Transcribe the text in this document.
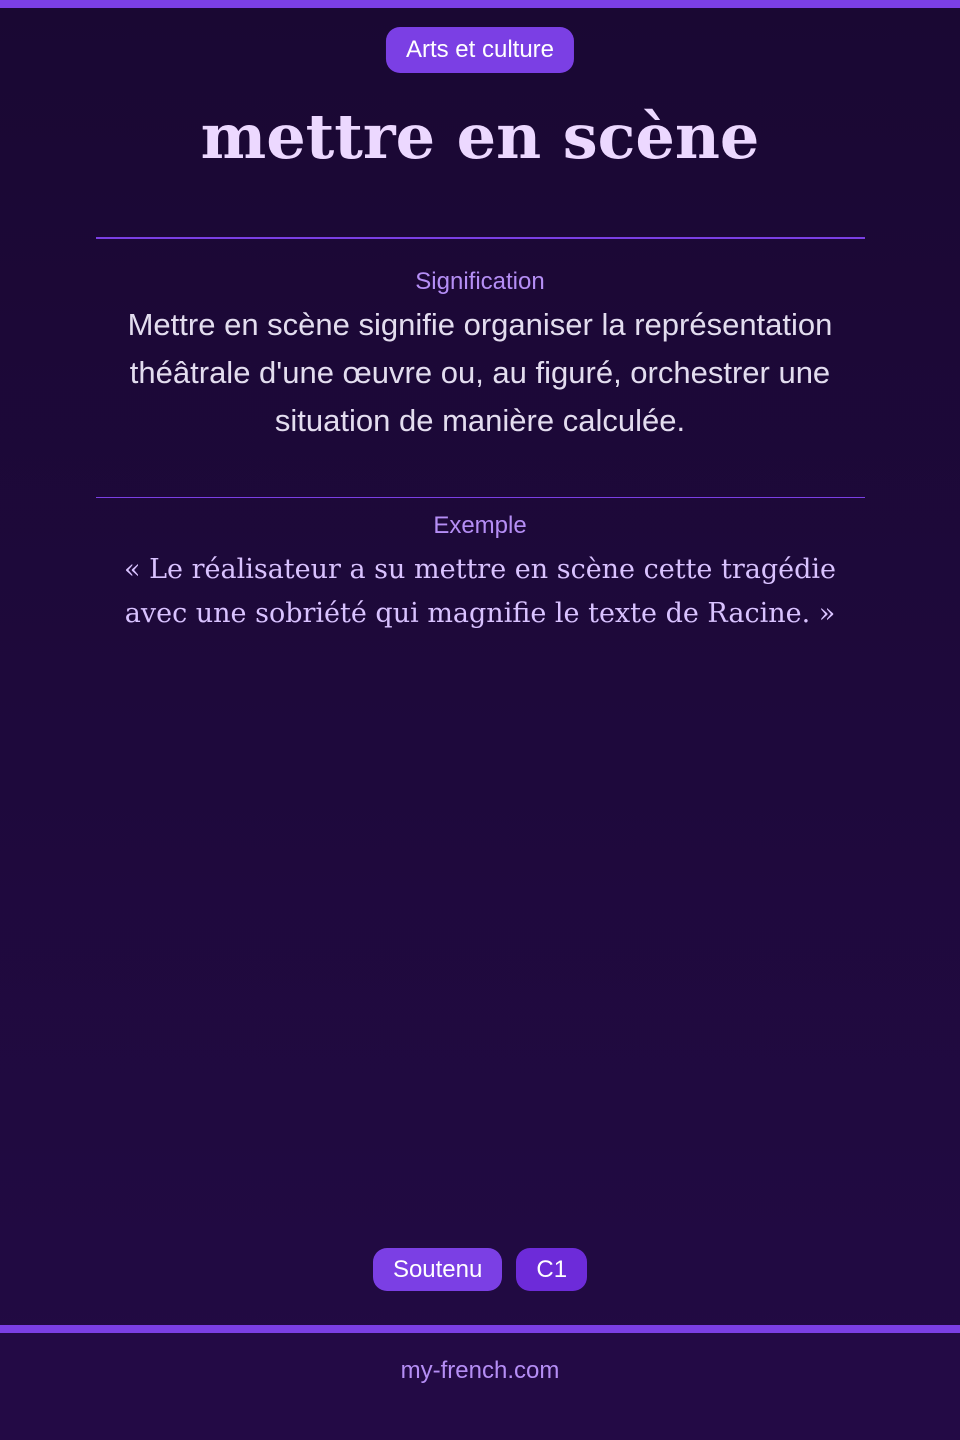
Arts et culture
mettre en scène
Signification
Mettre en scène signifie organiser la représentation théâtrale d'une œuvre ou, au figuré, orchestrer une situation de manière calculée.
Exemple
« Le réalisateur a su mettre en scène cette tragédie avec une sobriété qui magnifie le texte de Racine. »
Soutenu	C1
my-french.com
